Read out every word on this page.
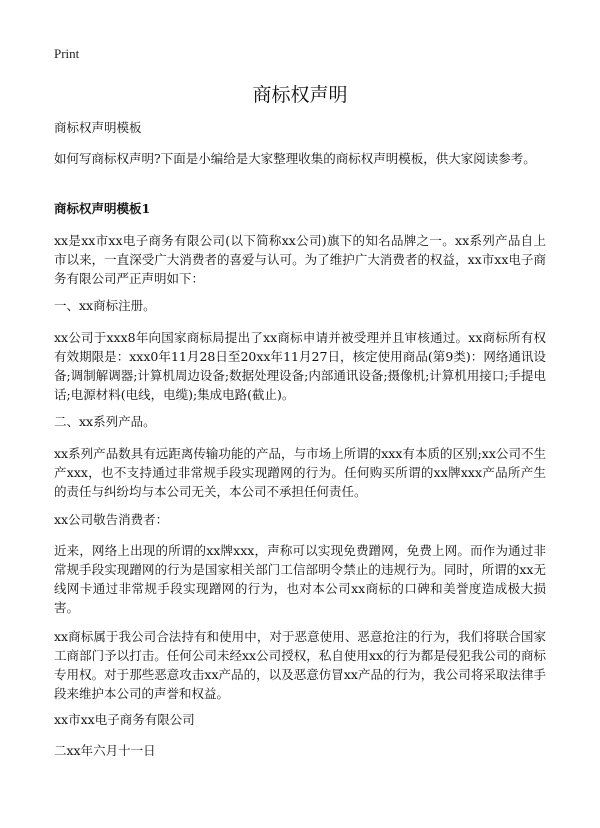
Print
商标权声明

商标权声明模板

如何写商标权声明?下面是小编给是大家整理收集的商标权声明模板，供大家阅读参考。

商标权声明模板1

xx是xx市xx电子商务有限公司(以下简称xx公司)旗下的知名品牌之一。xx系列产品自上市以来，一直深受广大消费者的喜爱与认可。为了维护广大消费者的权益，xx市xx电子商务有限公司严正声明如下：

一、xx商标注册。

xx公司于xxx8年向国家商标局提出了xx商标申请并被受理并且审核通过。xx商标所有权有效期限是：xxx0年11月28日至20xx年11月27日，核定使用商品(第9类)：网络通讯设备;调制解调器;计算机周边设备;数据处理设备;内部通讯设备;摄像机;计算机用接口;手提电话;电源材料(电线，电缆);集成电路(截止)。

二、xx系列产品。

xx系列产品数具有远距离传输功能的产品，与市场上所谓的xxx有本质的区别;xx公司不生产xxx，也不支持通过非常规手段实现蹭网的行为。任何购买所谓的xx牌xxx产品所产生的责任与纠纷均与本公司无关，本公司不承担任何责任。

xx公司敬告消费者：

近来，网络上出现的所谓的xx牌xxx，声称可以实现免费蹭网，免费上网。而作为通过非常规手段实现蹭网的行为是国家相关部门工信部明令禁止的违规行为。同时，所谓的xx无线网卡通过非常规手段实现蹭网的行为，也对本公司xx商标的口碑和美誉度造成极大损害。

xx商标属于我公司合法持有和使用中，对于恶意使用、恶意抢注的行为，我们将联合国家工商部门予以打击。任何公司未经xx公司授权，私自使用xx的行为都是侵犯我公司的商标专用权。对于那些恶意攻击xx产品的，以及恶意仿冒xx产品的行为，我公司将采取法律手段来维护本公司的声誉和权益。

xx市xx电子商务有限公司

二xx年六月十一日
